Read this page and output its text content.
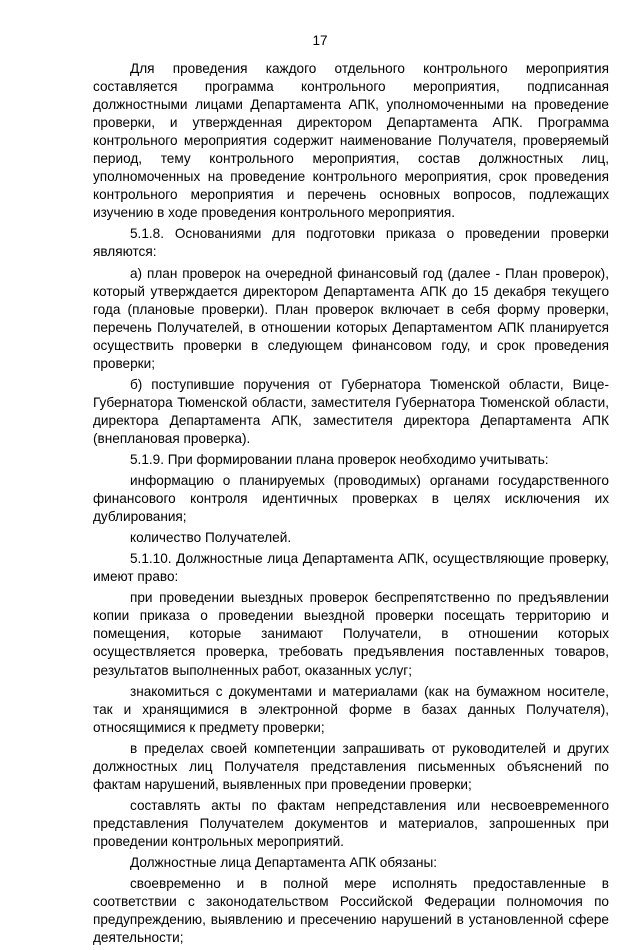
17

Для проведения каждого отдельного контрольного мероприятия составляется программа контрольного мероприятия, подписанная должностными лицами Департамента АПК, уполномоченными на проведение проверки, и утвержденная директором Департамента АПК. Программа контрольного мероприятия содержит наименование Получателя, проверяемый период, тему контрольного мероприятия, состав должностных лиц, уполномоченных на проведение контрольного мероприятия, срок проведения контрольного мероприятия и перечень основных вопросов, подлежащих изучению в ходе проведения контрольного мероприятия.

5.1.8. Основаниями для подготовки приказа о проведении проверки являются:

а) план проверок на очередной финансовый год (далее - План проверок), который утверждается директором Департамента АПК до 15 декабря текущего года (плановые проверки). План проверок включает в себя форму проверки, перечень Получателей, в отношении которых Департаментом АПК планируется осуществить проверки в следующем финансовом году, и срок проведения проверки;

б) поступившие поручения от Губернатора Тюменской области, Вице-Губернатора Тюменской области, заместителя Губернатора Тюменской области, директора Департамента АПК, заместителя директора Департамента АПК (внеплановая проверка).

5.1.9. При формировании плана проверок необходимо учитывать:

информацию о планируемых (проводимых) органами государственного финансового контроля идентичных проверках в целях исключения их дублирования;

количество Получателей.

5.1.10. Должностные лица Департамента АПК, осуществляющие проверку, имеют право:

при проведении выездных проверок беспрепятственно по предъявлении копии приказа о проведении выездной проверки посещать территорию и помещения, которые занимают Получатели, в отношении которых осуществляется проверка, требовать предъявления поставленных товаров, результатов выполненных работ, оказанных услуг;

знакомиться с документами и материалами (как на бумажном носителе, так и хранящимися в электронной форме в базах данных Получателя), относящимися к предмету проверки;

в пределах своей компетенции запрашивать от руководителей и других должностных лиц Получателя представления письменных объяснений по фактам нарушений, выявленных при проведении проверки;

составлять акты по фактам непредставления или несвоевременного представления Получателем документов и материалов, запрошенных при проведении контрольных мероприятий.

Должностные лица Департамента АПК обязаны:

своевременно и в полной мере исполнять предоставленные в соответствии с законодательством Российской Федерации полномочия по предупреждению, выявлению и пресечению нарушений в установленной сфере деятельности;
